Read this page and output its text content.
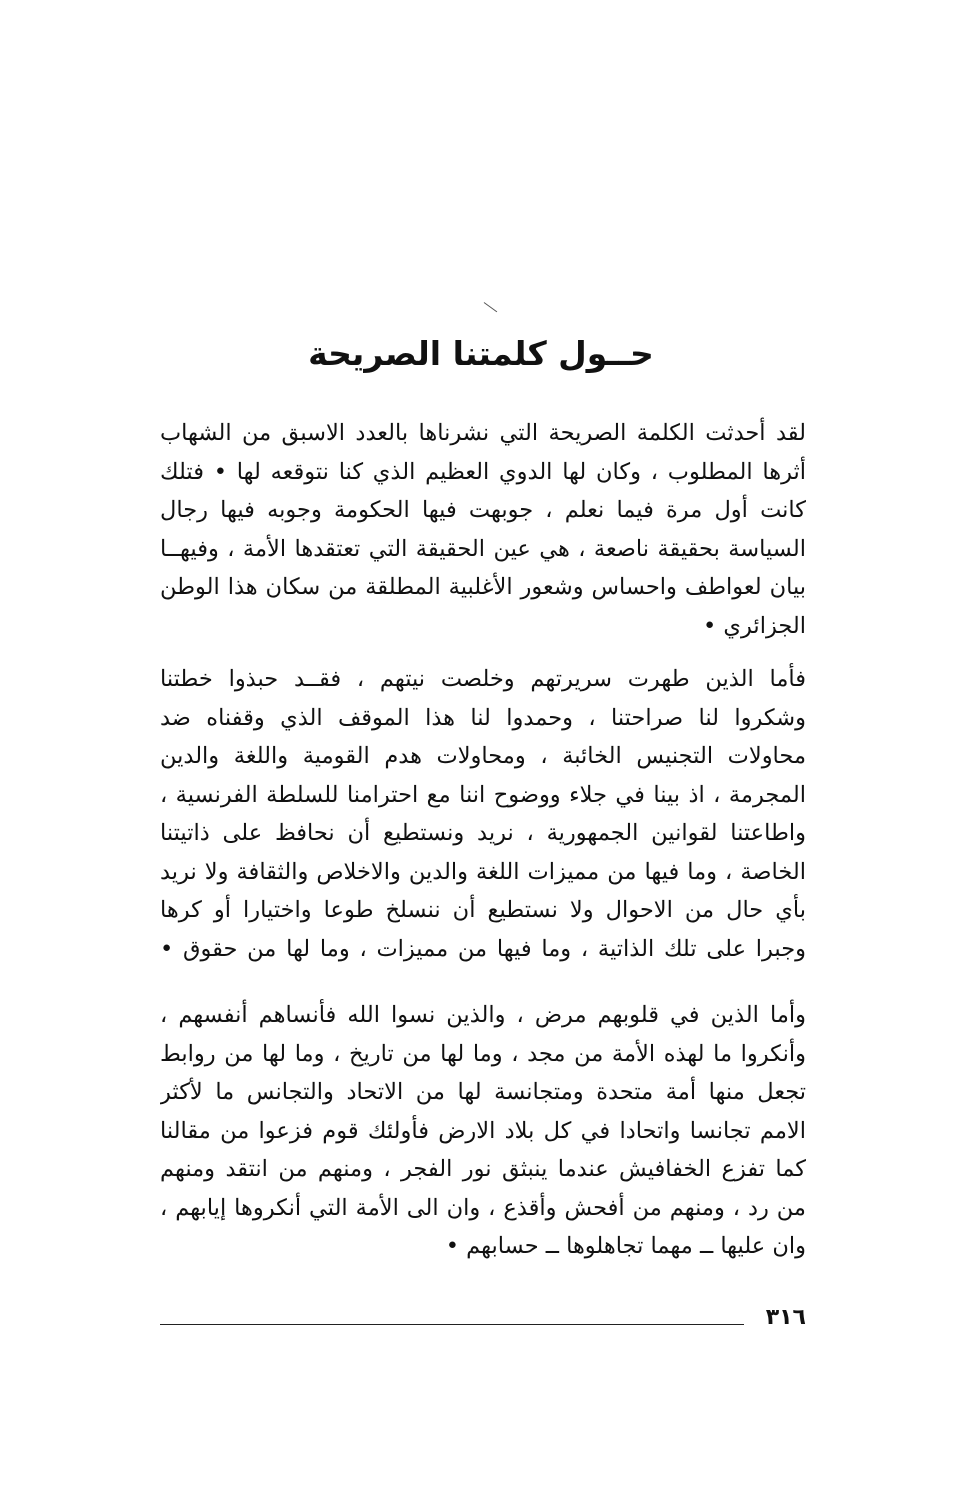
حــول كلمتنا الصريحة
لقد أحدثت الكلمة الصريحة التي نشرناها بالعدد الاسبق من الشهاب
أثرها المطلوب ، وكان لها الدوي العظيم الذي كنا نتوقعه لها • فتلك
كانت أول مرة فيما نعلم ، جوبهت فيها الحكومة وجوبه فيها رجال
السياسة بحقيقة ناصعة ، هي عين الحقيقة التي تعتقدها الأمة ، وفيهــا
بيان لعواطف واحساس وشعور الأغلبية المطلقة من سكان هذا الوطن
الجزائري •
فأما الذين طهرت سريرتهم وخلصت نيتهم ، فقــد حبذوا خطتنا
وشكروا لنا صراحتنا ، وحمدوا لنا هذا الموقف الذي وقفناه ضد
محاولات التجنيس الخائبة ، ومحاولات هدم القومية واللغة والدين
المجرمة ، اذ بينا في جلاء ووضوح اننا مع احترامنا للسلطة الفرنسية ،
واطاعتنا لقوانين الجمهورية ، نريد ونستطيع أن نحافظ على ذاتيتنا
الخاصة ، وما فيها من مميزات اللغة والدين والاخلاص والثقافة ولا نريد
بأي حال من الاحوال ولا نستطيع أن ننسلخ طوعا واختيارا أو كرها
وجبرا على تلك الذاتية ، وما فيها من مميزات ، وما لها من حقوق •
وأما الذين في قلوبهم مرض ، والذين نسوا الله فأنساهم أنفسهم ،
وأنكروا ما لهذه الأمة من مجد ، وما لها من تاريخ ، وما لها من روابط
تجعل منها أمة متحدة ومتجانسة لها من الاتحاد والتجانس ما لأكثر
الامم تجانسا واتحادا في كل بلاد الارض فأولئك قوم فزعوا من مقالنا
كما تفزع الخفافيش عندما ينبثق نور الفجر ، ومنهم من انتقد ومنهم
من رد ، ومنهم من أفحش وأقذع ، وان الى الأمة التي أنكروها إيابهم ،
وان عليها ــ مهما تجاهلوها ــ حسابهم •
٣١٦
